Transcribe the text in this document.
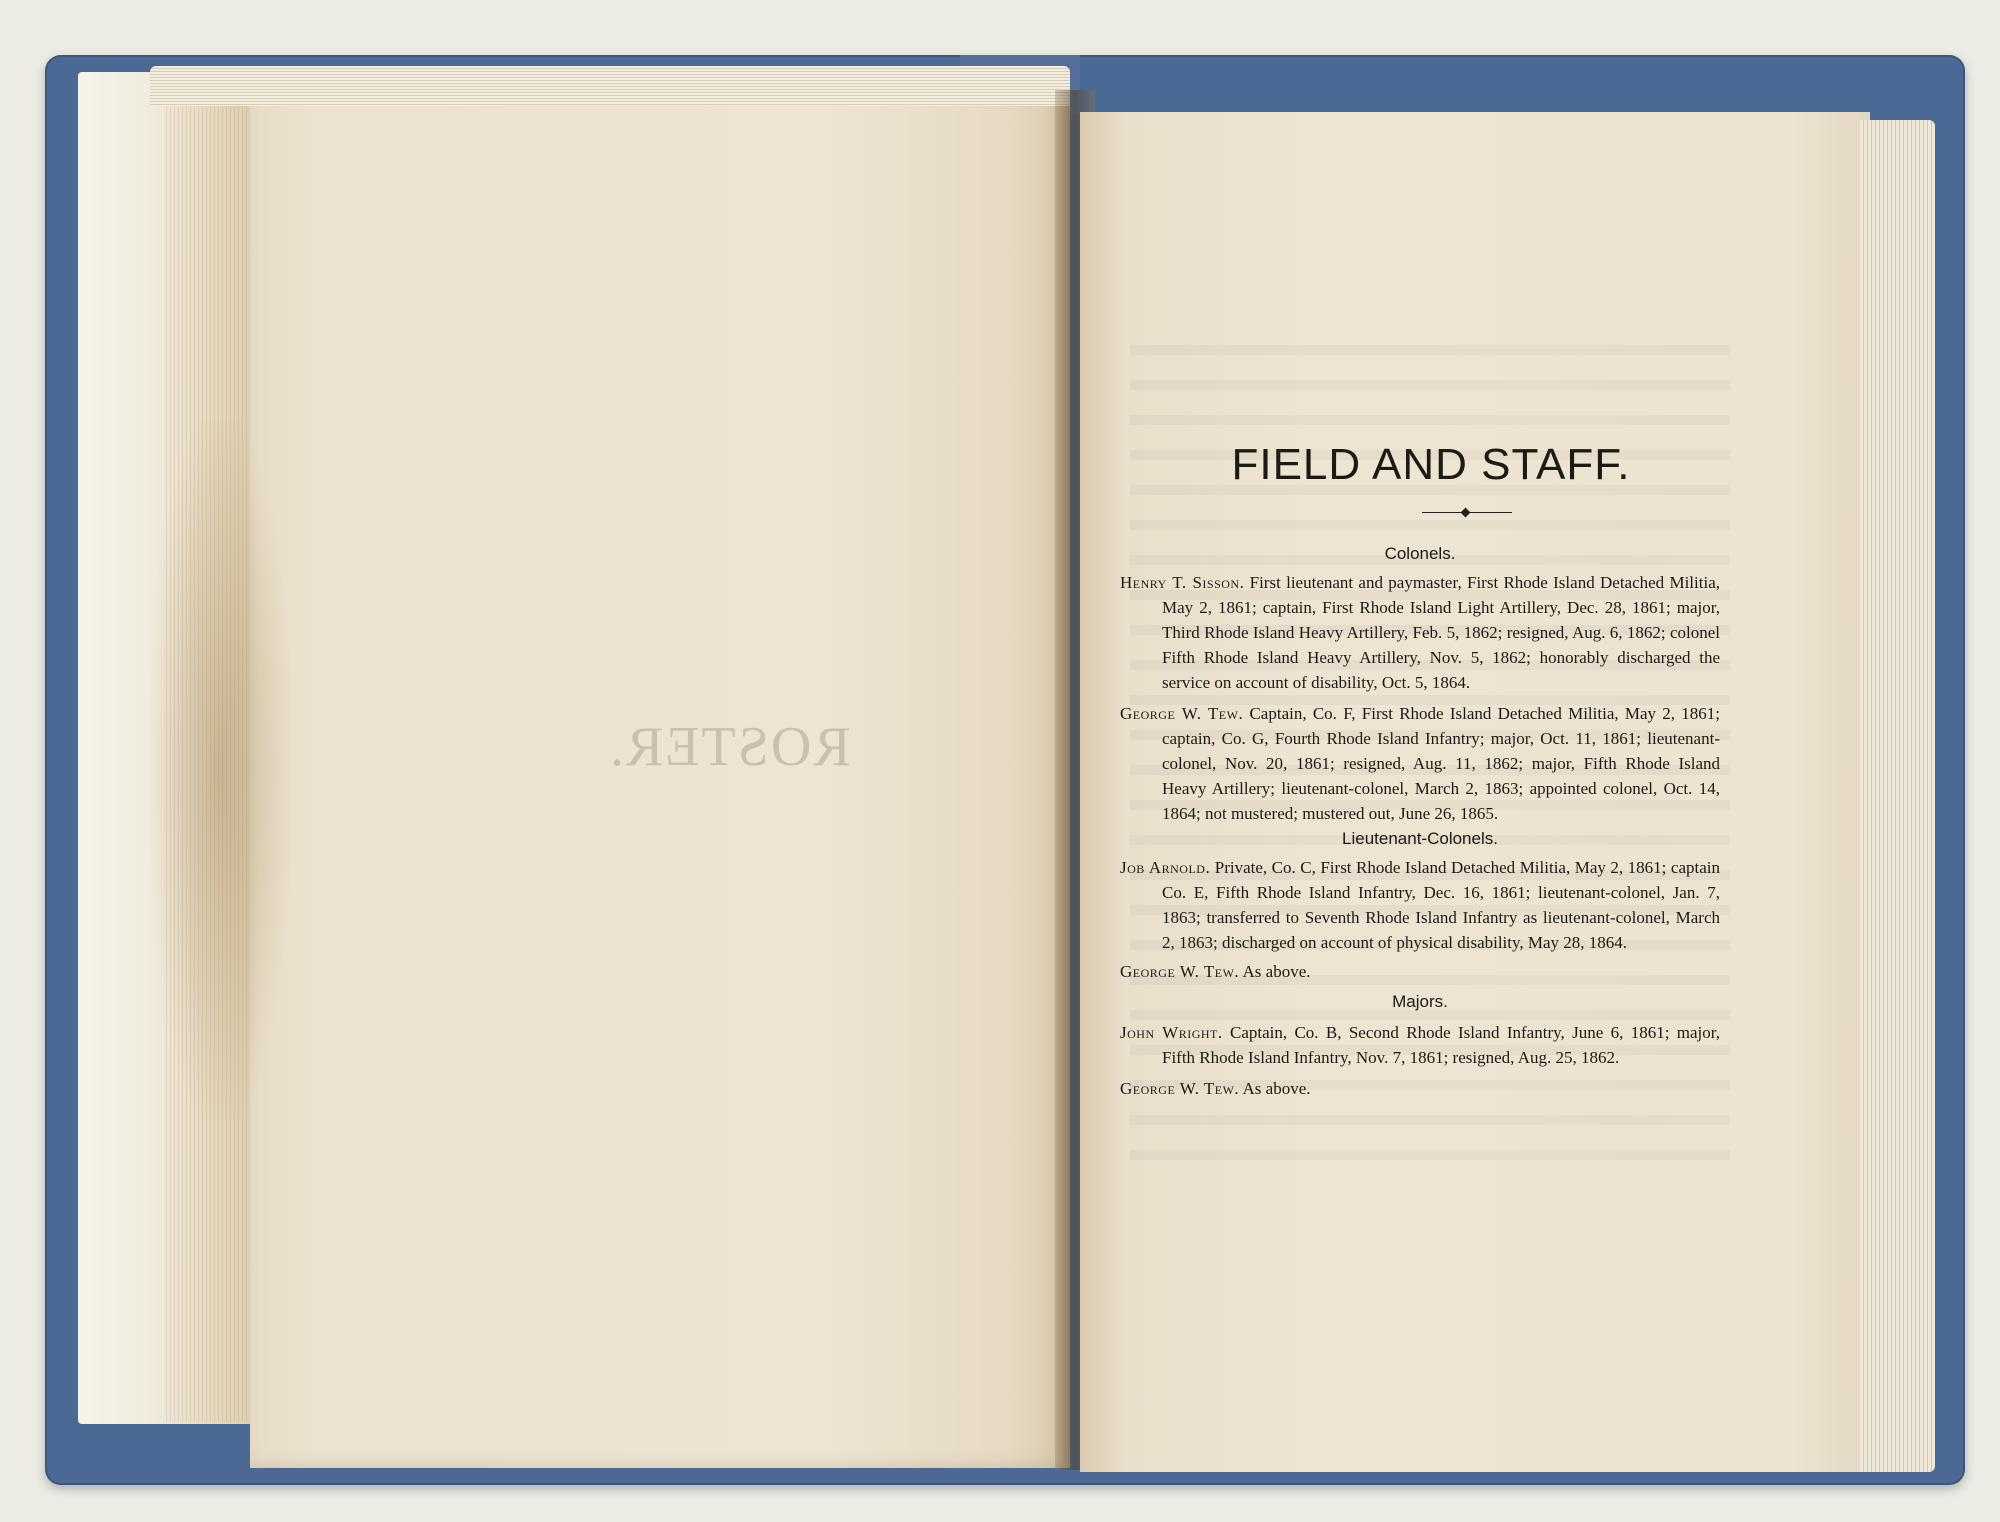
ROSTER.
FIELD AND STAFF.

Colonels.

Henry T. Sisson. First lieutenant and paymaster, First Rhode Island Detached Militia, May 2, 1861; captain, First Rhode Island Light Artillery, Dec. 28, 1861; major, Third Rhode Island Heavy Artillery, Feb. 5, 1862; resigned, Aug. 6, 1862; colonel Fifth Rhode Island Heavy Artillery, Nov. 5, 1862; honorably discharged the service on account of disability, Oct. 5, 1864.

George W. Tew. Captain, Co. F, First Rhode Island Detached Militia, May 2, 1861; captain, Co. G, Fourth Rhode Island Infantry; major, Oct. 11, 1861; lieutenant-colonel, Nov. 20, 1861; resigned, Aug. 11, 1862; major, Fifth Rhode Island Heavy Artillery; lieutenant-colonel, March 2, 1863; appointed colonel, Oct. 14, 1864; not mustered; mustered out, June 26, 1865.

Lieutenant-Colonels.

Job Arnold. Private, Co. C, First Rhode Island Detached Militia, May 2, 1861; captain Co. E, Fifth Rhode Island Infantry, Dec. 16, 1861; lieutenant-colonel, Jan. 7, 1863; transferred to Seventh Rhode Island Infantry as lieutenant-colonel, March 2, 1863; discharged on account of physical disability, May 28, 1864.

George W. Tew. As above.

Majors.

John Wright. Captain, Co. B, Second Rhode Island Infantry, June 6, 1861; major, Fifth Rhode Island Infantry, Nov. 7, 1861; resigned, Aug. 25, 1862.

George W. Tew. As above.
